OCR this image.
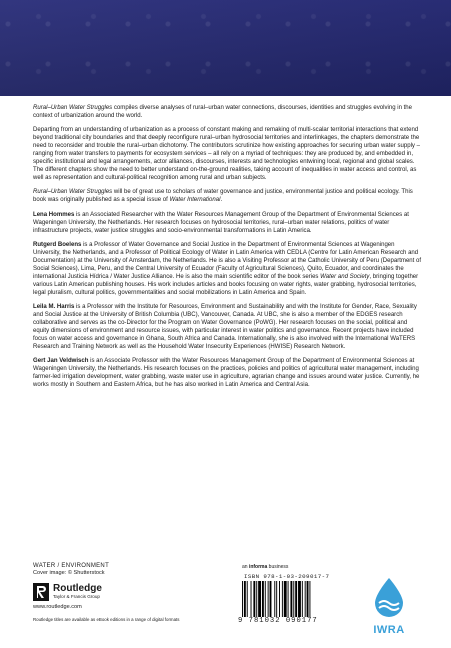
Rural–Urban Water Struggles compiles diverse analyses of rural–urban water connections, discourses, identities and struggles evolving in the context of urbanization around the world.

Departing from an understanding of urbanization as a process of constant making and remaking of multi-scalar territorial interactions that extend beyond traditional city boundaries and that deeply reconfigure rural–urban hydrosocial territories and interlinkages, the chapters demonstrate the need to reconsider and trouble the rural–urban dichotomy. The contributors scrutinize how existing approaches for securing urban water supply – ranging from water transfers to payments for ecosystem services – all rely on a myriad of techniques: they are produced by, and embedded in, specific institutional and legal arrangements, actor alliances, discourses, interests and technologies entwining local, regional and global scales. The different chapters show the need to better understand on-the-ground realities, taking account of inequalities in water access and control, as well as representation and cultural-political recognition among rural and urban subjects.

Rural–Urban Water Struggles will be of great use to scholars of water governance and justice, environmental justice and political ecology. This book was originally published as a special issue of Water International.

Lena Hommes is an Associated Researcher with the Water Resources Management Group of the Department of Environmental Sciences at Wageningen University, the Netherlands. Her research focuses on hydrosocial territories, rural–urban water relations, politics of water infrastructure projects, water justice struggles and socio-environmental transformations in Latin America.

Rutgerd Boelens is a Professor of Water Governance and Social Justice in the Department of Environmental Sciences at Wageningen University, the Netherlands, and a Professor of Political Ecology of Water in Latin America with CEDLA (Centre for Latin American Research and Documentation) at the University of Amsterdam, the Netherlands. He is also a Visiting Professor at the Catholic University of Peru (Department of Social Sciences), Lima, Peru, and the Central University of Ecuador (Faculty of Agricultural Sciences), Quito, Ecuador, and coordinates the international Justicia Hídrica / Water Justice Alliance. He is also the main scientific editor of the book series Water and Society, bringing together various Latin American publishing houses. His work includes articles and books focusing on water rights, water grabbing, hydrosocial territories, legal pluralism, cultural politics, governmentalities and social mobilizations in Latin America and Spain.

Leila M. Harris is a Professor with the Institute for Resources, Environment and Sustainability and with the Institute for Gender, Race, Sexuality and Social Justice at the University of British Columbia (UBC), Vancouver, Canada. At UBC, she is also a member of the EDGES research collaborative and serves as the co-Director for the Program on Water Governance (PoWG). Her research focuses on the social, political and equity dimensions of environment and resource issues, with particular interest in water politics and governance. Recent projects have included focus on water access and governance in Ghana, South Africa and Canada. Internationally, she is also involved with the International WaTERS Research and Training Network as well as the Household Water Insecurity Experiences (HWISE) Research Network.

Gert Jan Veldwisch is an Associate Professor with the Water Resources Management Group of the Department of Environmental Sciences at Wageningen University, the Netherlands. His research focuses on the practices, policies and politics of agricultural water management, including farmer-led irrigation development, water grabbing, waste water use in agriculture, agrarian change and issues around water justice. Currently, he works mostly in Southern and Eastern Africa, but he has also worked in Latin America and Central Asia.

WATER / ENVIRONMENT
Cover image: © Shutterstock
Routledge
Taylor & Francis Group
www.routledge.com
Routledge titles are available as eBook editions in a range of digital formats
an informa business
ISBN 978-1-03-209017-7
9 781032 090177
IWRA
